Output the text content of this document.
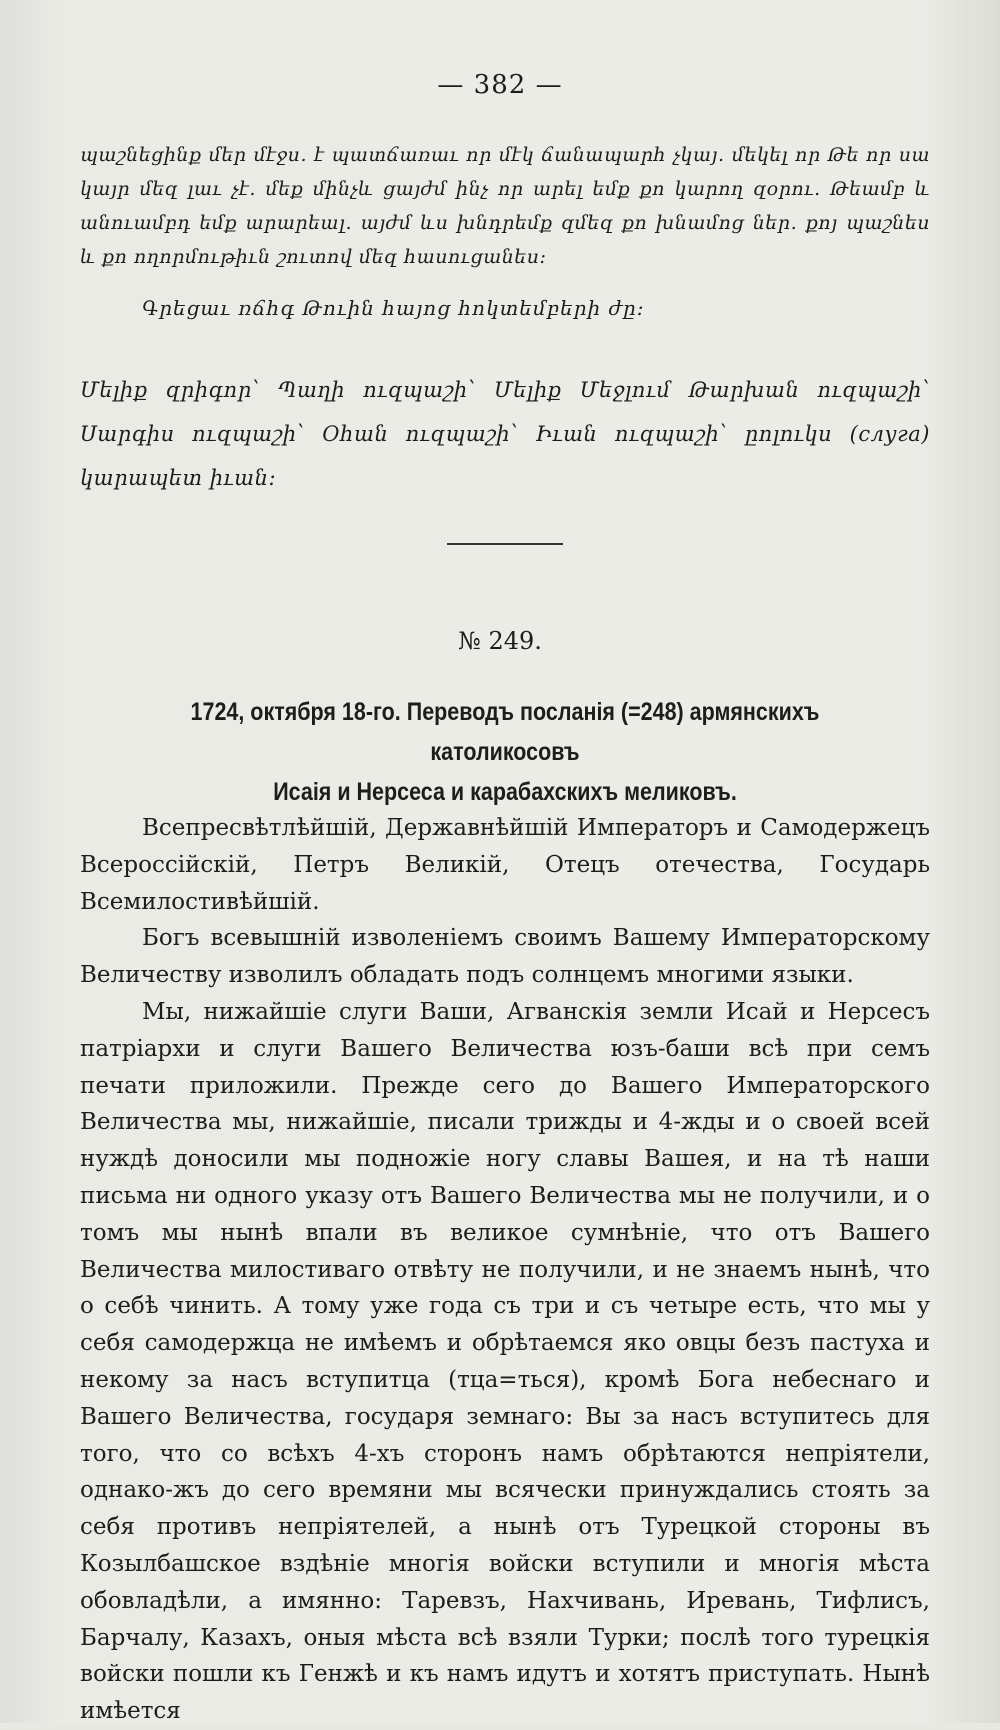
— 382 —

պաշնեցինք մեր մէջս․ է պատճառաւ որ մէկ ճանապարհ չկայ․ մեկել որ Թե որ սա կայր մեզ լաւ չէ․ մեք մինչև ցայժմ ինչ որ արել եմք քո կարող զօրու․ Թեամբ և անուամբդ եմք արարեալ․ այժմ ևս խնդրեմք զմեզ քո խնամոց ներ․ քոյ պաշնես և քո ողորմութիւն շուտով մեզ հասուցանես։

Գրեցաւ ռճհգ Թուին հայոց հոկտեմբերի ժը։

Մելիք զրիգոր՝ Պաղի ուզպաշի՝ Մելիք Մեջլում Թարխան ուզպաշի՝ Սարգիս ուզպաշի՝ Օհան ուզպաշի՝ Իւան ուզպաշի՝ ըոլուկս (слуга) կարապետ իւան։

№ 249.

1724, октября 18-го. Переводъ посланія (=248) армянскихъ католикосовъ

Исаія и Нерсеса и карабахскихъ меликовъ.

Всепресвѣтлѣйшій, Державнѣйшій Императоръ и Самодержецъ Всероссійскій, Петръ Великій, Отецъ отечества, Государь Всемилостивѣйшій.

Богъ всевышній изволеніемъ своимъ Вашему Императорскому Величеству изволилъ обладать подъ солнцемъ многими языки.

Мы, нижайшіе слуги Ваши, Агванскія земли Исай и Нерсесъ патріархи и слуги Вашего Величества юзъ-баши всѣ при семъ печати приложили. Прежде сего до Вашего Императорского Величества мы, нижайшіе, писали трижды и 4-жды и о своей всей нуждѣ доносили мы подножіе ногу славы Вашея, и на тѣ наши письма ни одного указу отъ Вашего Величества мы не получили, и о томъ мы нынѣ впали въ великое сумнѣніе, что отъ Вашего Величества милостиваго отвѣту не получили, и не знаемъ нынѣ, что о себѣ чинить. А тому уже года съ три и съ четыре есть, что мы у себя самодержца не имѣемъ и обрѣтаемся яко овцы безъ пастуха и некому за насъ вступитца (тца=ться), кромѣ Бога небеснаго и Вашего Величества, государя земнаго: Вы за насъ вступитесь для того, что со всѣхъ 4-хъ сторонъ намъ обрѣтаются непріятели, однако-жъ до сего времяни мы всячески принуждались стоять за себя противъ непріятелей, а нынѣ отъ Турецкой стороны въ Козылбашское вздѣніе многія войски вступили и многія мѣста обовладѣли, а имянно: Таревзъ, Нахчивань, Иревань, Тифлисъ, Барчалу, Казахъ, оныя мѣста всѣ взяли Турки; послѣ того турецкія войски пошли къ Генжѣ и къ намъ идутъ и хотятъ приступать. Нынѣ имѣется
